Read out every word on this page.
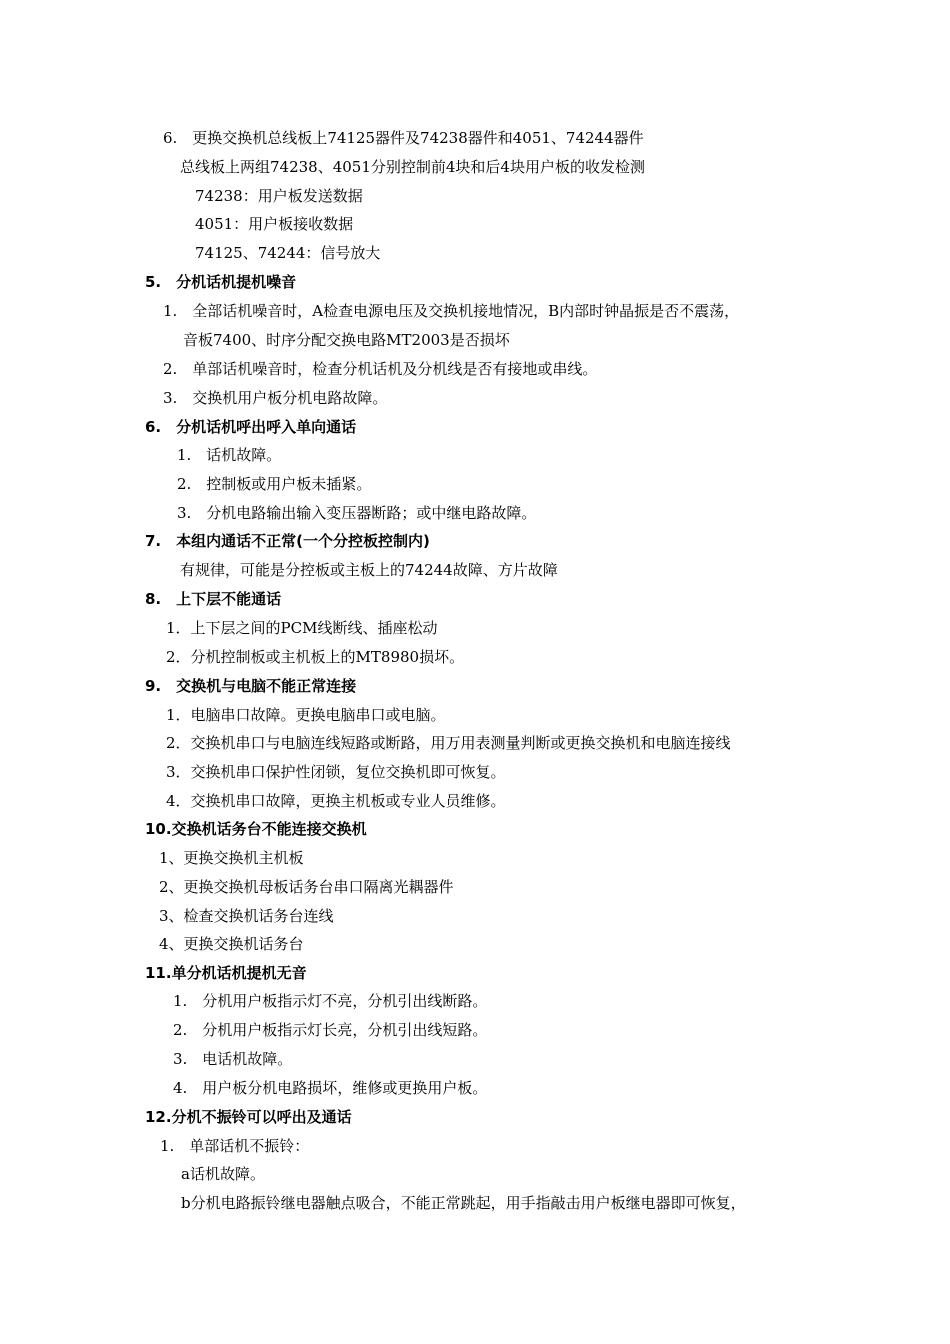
6.　更换交换机总线板上74125器件及74238器件和4051、74244器件
总线板上两组74238、4051分别控制前4块和后4块用户板的收发检测
74238：用户板发送数据
4051：用户板接收数据
74125、74244：信号放大
5.　分机话机提机噪音
1.　全部话机噪音时，A检查电源电压及交换机接地情况，B内部时钟晶振是否不震荡，
音板7400、时序分配交换电路MT2003是否损坏
2.　单部话机噪音时，检查分机话机及分机线是否有接地或串线。
3.　交换机用户板分机电路故障。
6.　分机话机呼出呼入单向通话
1.　话机故障。
2.　控制板或用户板未插紧。
3.　分机电路输出输入变压器断路；或中继电路故障。
7.　本组内通话不正常(一个分控板控制内)
有规律，可能是分控板或主板上的74244故障、方片故障
8.　上下层不能通话
1．上下层之间的PCM线断线、插座松动
2．分机控制板或主机板上的MT8980损坏。
9.　交换机与电脑不能正常连接
1．电脑串口故障。更换电脑串口或电脑。
2．交换机串口与电脑连线短路或断路，用万用表测量判断或更换交换机和电脑连接线
3．交换机串口保护性闭锁，复位交换机即可恢复。
4．交换机串口故障，更换主机板或专业人员维修。
10.交换机话务台不能连接交换机
1、更换交换机主机板
2、更换交换机母板话务台串口隔离光耦器件
3、检查交换机话务台连线
4、更换交换机话务台
11.单分机话机提机无音
1.　分机用户板指示灯不亮，分机引出线断路。
2.　分机用户板指示灯长亮，分机引出线短路。
3.　电话机故障。
4.　用户板分机电路损坏，维修或更换用户板。
12.分机不振铃可以呼出及通话
1.　单部话机不振铃：
a话机故障。
b分机电路振铃继电器触点吸合，不能正常跳起，用手指敲击用户板继电器即可恢复，
